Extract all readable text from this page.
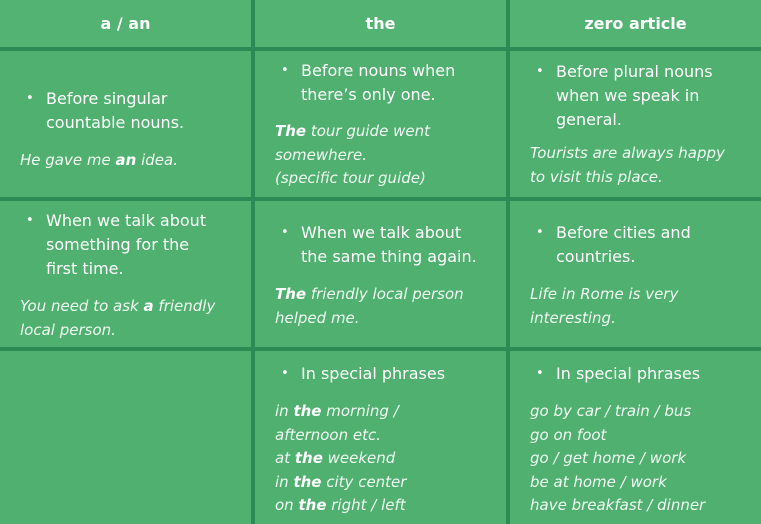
a / an	the	zero article
• Before singular
countable nouns.
He gave me an idea.
• Before nouns when
there’s only one.
The tour guide went
somewhere.
(specific tour guide)
• Before plural nouns
when we speak in
general.
Tourists are always happy
to visit this place.
• When we talk about
something for the
first time.
You need to ask a friendly
local person.
• When we talk about
the same thing again.
The friendly local person
helped me.
• Before cities and
countries.
Life in Rome is very
interesting.
• In special phrases
in the morning /
afternoon etc.
at the weekend
in the city center
on the right / left
• In special phrases
go by car / train / bus
go on foot
go / get home / work
be at home / work
have breakfast / dinner
